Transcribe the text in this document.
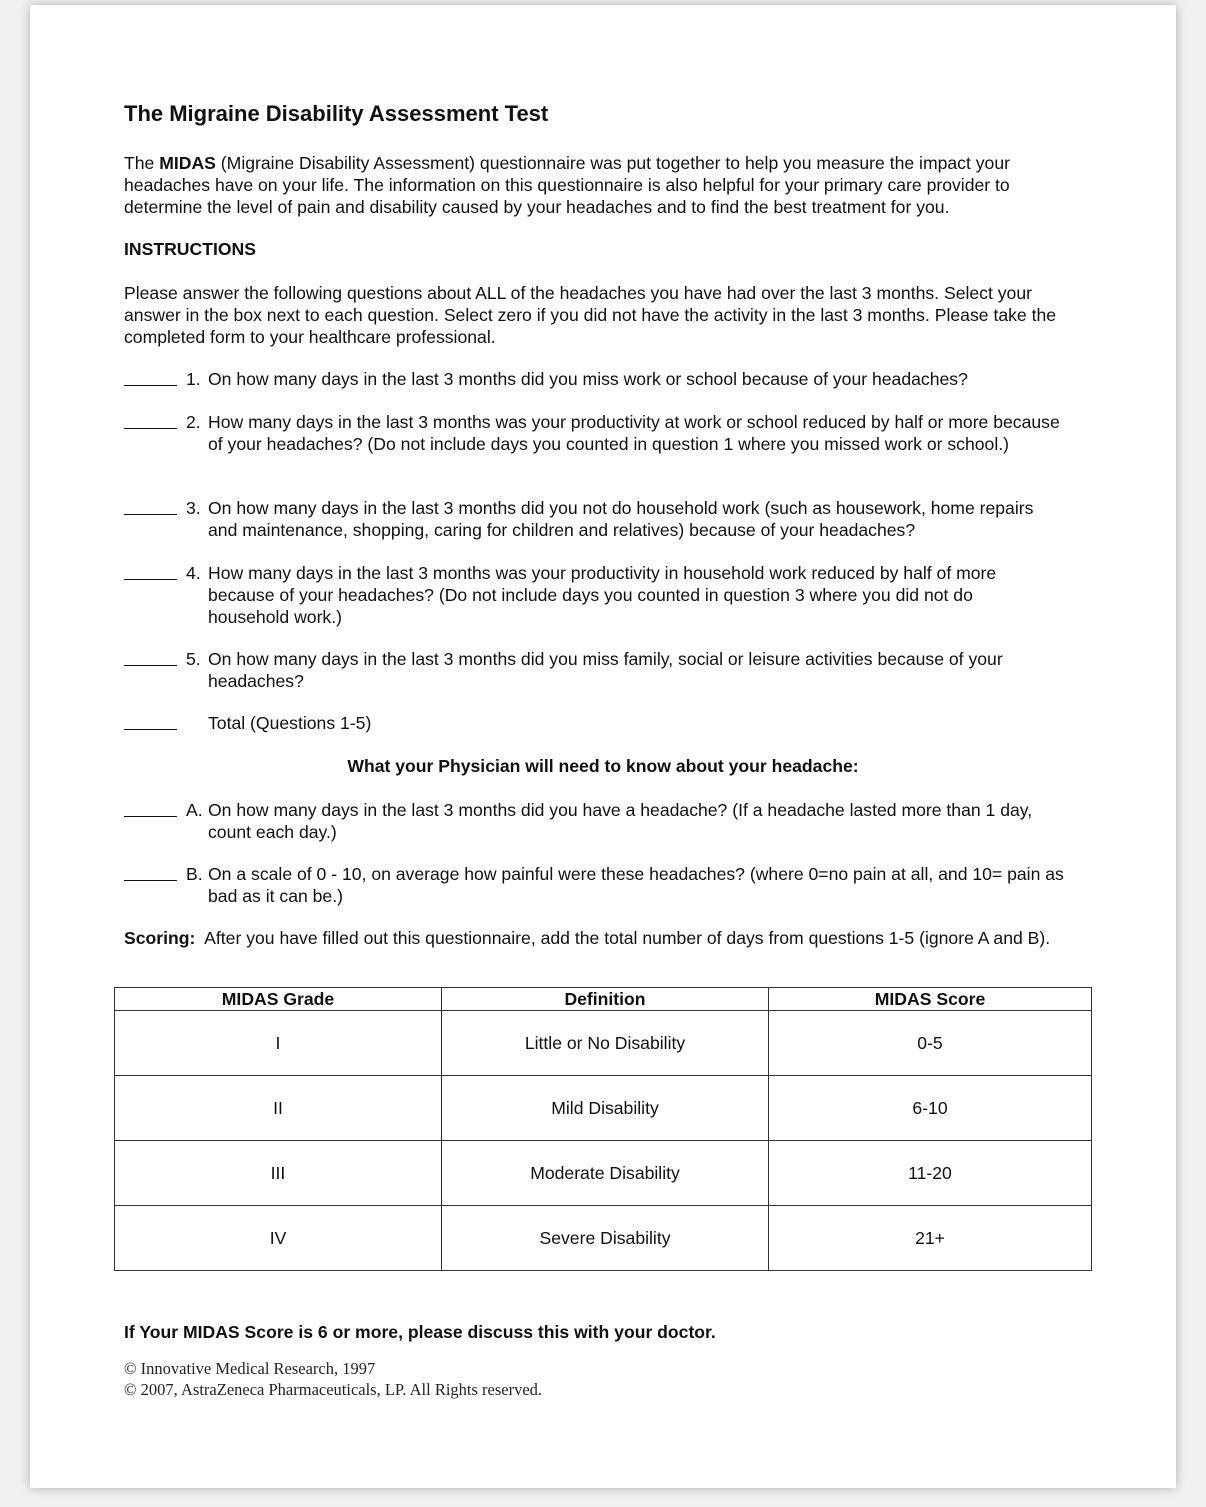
The Migraine Disability Assessment Test
The MIDAS (Migraine Disability Assessment) questionnaire was put together to help you measure the impact your headaches have on your life. The information on this questionnaire is also helpful for your primary care provider to determine the level of pain and disability caused by your headaches and to find the best treatment for you.
INSTRUCTIONS
Please answer the following questions about ALL of the headaches you have had over the last 3 months. Select your answer in the box next to each question. Select zero if you did not have the activity in the last 3 months. Please take the completed form to your healthcare professional.
1. On how many days in the last 3 months did you miss work or school because of your headaches?
2. How many days in the last 3 months was your productivity at work or school reduced by half or more because of your headaches? (Do not include days you counted in question 1 where you missed work or school.)
3. On how many days in the last 3 months did you not do household work (such as housework, home repairs and maintenance, shopping, caring for children and relatives) because of your headaches?
4. How many days in the last 3 months was your productivity in household work reduced by half of more because of your headaches? (Do not include days you counted in question 3 where you did not do household work.)
5. On how many days in the last 3 months did you miss family, social or leisure activities because of your headaches?
Total (Questions 1-5)
What your Physician will need to know about your headache:
A. On how many days in the last 3 months did you have a headache? (If a headache lasted more than 1 day, count each day.)
B. On a scale of 0 - 10, on average how painful were these headaches? (where 0=no pain at all, and 10= pain as bad as it can be.)
Scoring:  After you have filled out this questionnaire, add the total number of days from questions 1-5 (ignore A and B).
MIDAS Grade	Definition	MIDAS Score
I	Little or No Disability	0-5
II	Mild Disability	6-10
III	Moderate Disability	11-20
IV	Severe Disability	21+
If Your MIDAS Score is 6 or more, please discuss this with your doctor.
© Innovative Medical Research, 1997
© 2007, AstraZeneca Pharmaceuticals, LP. All Rights reserved.
